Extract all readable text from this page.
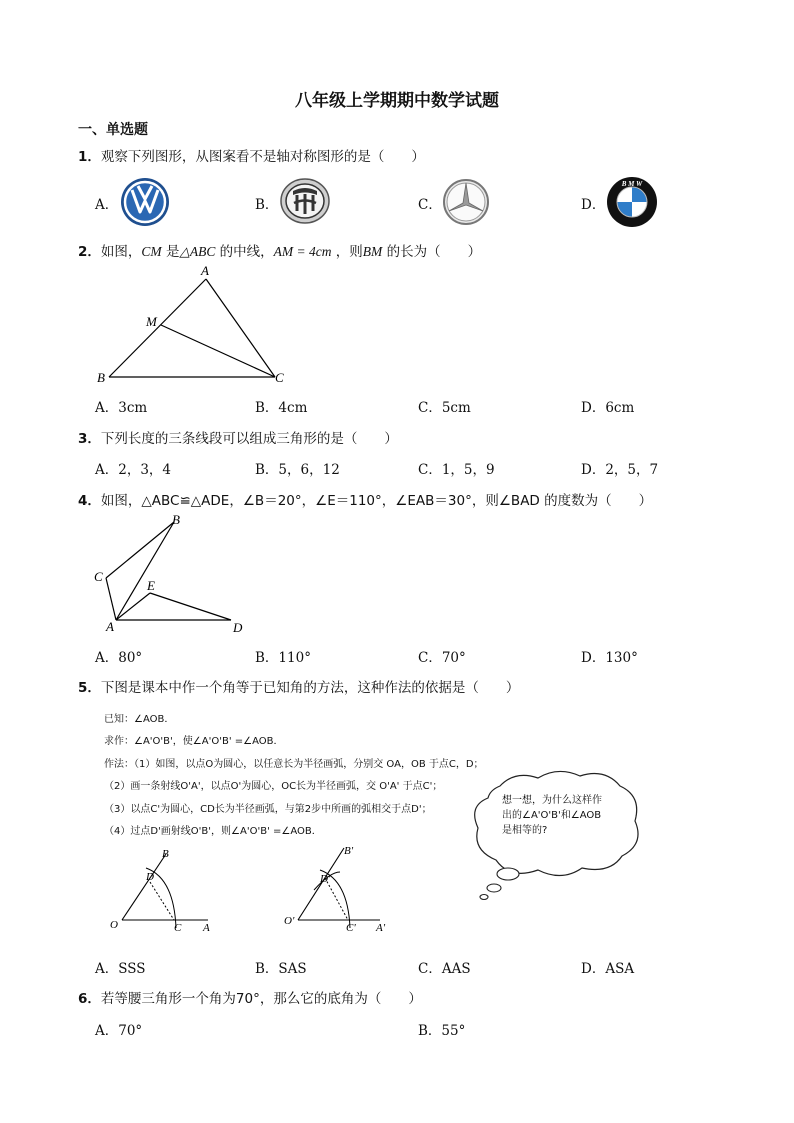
八年级上学期期中数学试题
一、单选题
1．观察下列图形，从图案看不是轴对称图形的是（　　）
A．	B．	C．	D．
B M W
2．如图，CM 是△ABC 的中线，AM = 4cm ，则BM 的长为（　　）
A
M
B	C
A．3cm	B．4cm	C．5cm	D．6cm
3．下列长度的三条线段可以组成三角形的是（　　）
A．2，3，4	B．5，6，12	C．1，5，9	D．2，5，7
4．如图，△ABC≌△ADE，∠B＝20°，∠E＝110°，∠EAB＝30°，则∠BAD 的度数为（　　）
B
C
E
A	D
A．80°	B．110°	C．70°	D．130°
5．下图是课本中作一个角等于已知角的方法，这种作法的依据是（　　）
已知：∠AOB．
求作：∠A'O'B'，使∠A'O'B' =∠AOB．
作法：（1）如图，以点O为圆心，以任意长为半径画弧，分别交 OA，OB 于点C，D；
（2）画一条射线O'A'，以点O'为圆心，OC长为半径画弧，交 O'A' 于点C'；
（3）以点C'为圆心，CD长为半径画弧，与第2步中所画的弧相交于点D'；
（4）过点D'画射线O'B'，则∠A'O'B' =∠AOB．
想一想，为什么这样作
出的∠A'O'B'和∠AOB
是相等的?
B
D
O	C A
B'
D'
O'
C' A'
A．SSS	B．SAS	C．AAS	D．ASA
6．若等腰三角形一个角为70°，那么它的底角为（　　）
A．70°	B．55°
